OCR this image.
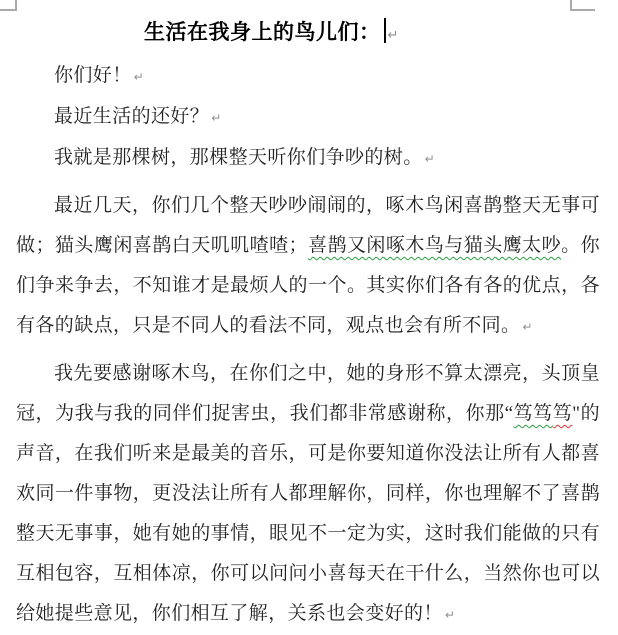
生活在我身上的鸟儿们： ↵
你们好！ ↵
最近生活的还好？ ↵
我就是那棵树，那棵整天听你们争吵的树。 ↵
最近几天，你们几个整天吵吵闹闹的，啄木鸟闲喜鹊整天无事可做；猫头鹰闲喜鹊白天叽叽喳喳；喜鹊又闲啄木鸟与猫头鹰太吵。你们争来争去，不知谁才是最烦人的一个。其实你们各有各的优点，各有各的缺点，只是不同人的看法不同，观点也会有所不同。 ↵
我先要感谢啄木鸟，在你们之中，她的身形不算太漂亮，头顶皇冠，为我与我的同伴们捉害虫，我们都非常感谢称，你那“笃笃笃"的声音，在我们听来是最美的音乐，可是你要知道你没法让所有人都喜欢同一件事物，更没法让所有人都理解你，同样，你也理解不了喜鹊整天无事事，她有她的事情，眼见不一定为实，这时我们能做的只有互相包容，互相体凉，你可以问问小喜每天在干什么，当然你也可以给她提些意见，你们相互了解，关系也会变好的！ ↵
